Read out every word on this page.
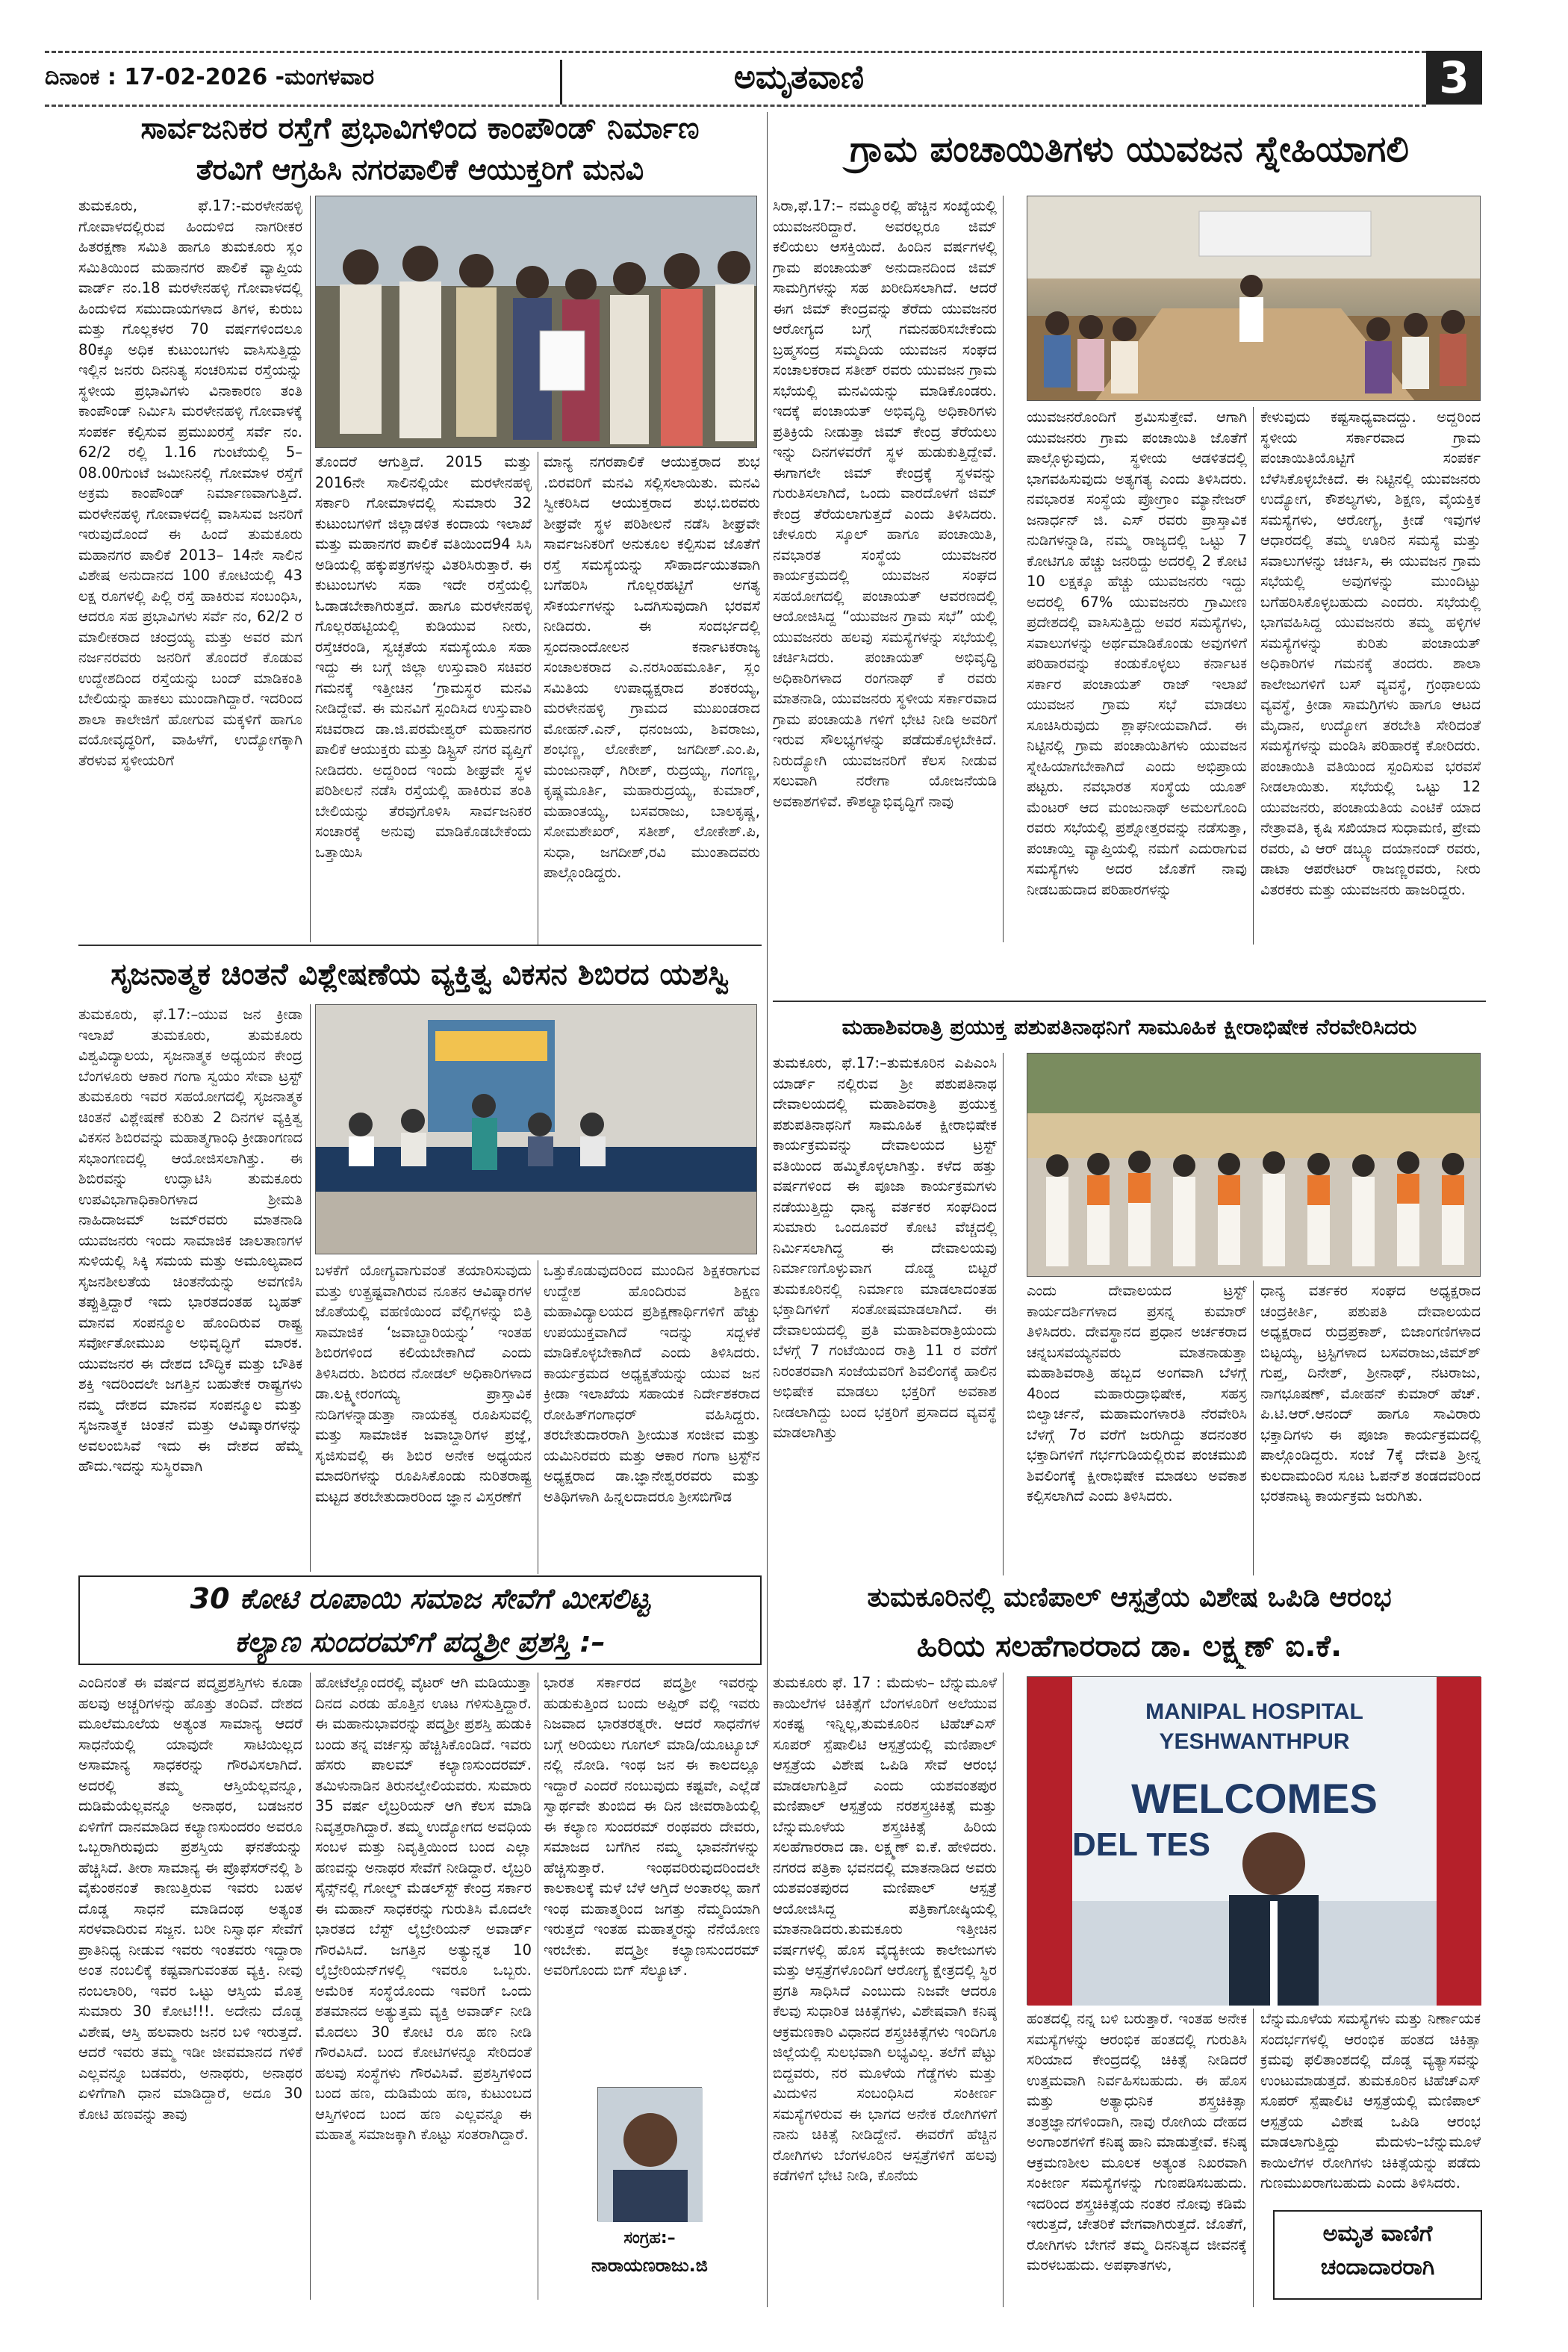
ದಿನಾಂಕ : 17-02-2026 -ಮಂಗಳವಾರ	ಅಮೃತವಾಣಿ	3
ಸಾರ್ವಜನಿಕರ ರಸ್ತೆಗೆ ಪ್ರಭಾವಿಗಳಿಂದ ಕಾಂಪೌಂಡ್ ನಿರ್ಮಾಣ
ತೆರವಿಗೆ ಆಗ್ರಹಿಸಿ ನಗರಪಾಲಿಕೆ ಆಯುಕ್ತರಿಗೆ ಮನವಿ

ತುಮಕೂರು, ಫೆ.17:-ಮರಳೇನಹಳ್ಳಿ ಗೋವಾಳದಲ್ಲಿರುವ ಹಿಂದುಳಿದ ನಾಗರೀಕರ ಹಿತರಕ್ಷಣಾ ಸಮಿತಿ ಹಾಗೂ ತುಮಕೂರು ಸ್ಲಂ ಸಮಿತಿಯಿಂದ ಮಹಾನಗರ ಪಾಲಿಕೆ ವ್ಯಾಪ್ತಿಯ ವಾರ್ಡ್ ನಂ.18 ಮರಳೇನಹಳ್ಳಿ ಗೋವಾಳದಲ್ಲಿ ಹಿಂದುಳಿದ ಸಮುದಾಯಗಳಾದ ತಿಗಳ, ಕುರುಬ ಮತ್ತು ಗೊಲ್ಲಕಳರ 70 ವರ್ಷಗಳಿಂದಲೂ 80ಕ್ಕೂ ಅಧಿಕ ಕುಟುಂಬಗಳು ವಾಸಿಸುತ್ತಿದ್ದು ಇಲ್ಲಿನ ಜನರು ದಿನನಿತ್ಯ ಸಂಚರಿಸುವ ರಸ್ತೆಯನ್ನು ಸ್ಥಳೀಯ ಪ್ರಭಾವಿಗಳು ವಿನಾಕಾರಣ ತಂತಿ ಕಾಂಪೌಂಡ್ ನಿರ್ಮಿಸಿ ಮರಳೇನಹಳ್ಳಿ ಗೋವಾಳಕ್ಕೆ ಸಂಪರ್ಕ ಕಲ್ಪಿಸುವ ಪ್ರಮುಖರಸ್ತೆ ಸರ್ವೆ ನಂ. 62/2 ರಲ್ಲಿ 1.16 ಗುಂಟೆಯಲ್ಲಿ 5–08.00ಗುಂಟೆ ಜಮೀನಿನಲ್ಲಿ ಗೋಮಾಳ ರಸ್ತೆಗೆ ಅಕ್ರಮ ಕಾಂಪೌಂಡ್ ನಿರ್ಮಾಣವಾಗುತ್ತಿದೆ. ಮರಳೇನಹಳ್ಳಿ ಗೋವಾಳದಲ್ಲಿ ವಾಸಿಸುವ ಜನರಿಗೆ ಇರುವುದೊಂದೆ ಈ ಹಿಂದೆ ತುಮಕೂರು ಮಹಾನಗರ ಪಾಲಿಕೆ 2013– 14ನೇ ಸಾಲಿನ ವಿಶೇಷ ಅನುದಾನದ 100 ಕೋಟಿಯಲ್ಲಿ 43 ಲಕ್ಷ ರೂಗಳಲ್ಲಿ ಪಿಲ್ಲಿ ರಸ್ತೆ ಹಾಕಿರುವ ಸಂಬಂಧಿಸಿ, ಆದರೂ ಸಹ ಪ್ರಭಾವಿಗಳು ಸರ್ವೆ ನಂ, 62/2 ರ ಮಾಲೀಕರಾದ ಚಂದ್ರಯ್ಯ ಮತ್ತು ಅವರ ಮಗ ನರ್ಜನರವರು ಜನರಿಗೆ ತೊಂದರೆ ಕೊಡುವ ಉದ್ದೇಶದಿಂದ ರಸ್ತೆಯನ್ನು ಬಂದ್ ಮಾಡಿಕಂತಿ ಬೇಲಿಯನ್ನು ಹಾಕಲು ಮುಂದಾಗಿದ್ದಾರೆ. ಇದರಿಂದ ಶಾಲಾ ಕಾಲೇಜಿಗೆ ಹೋಗುವ ಮಕ್ಕಳಿಗೆ ಹಾಗೂ ವಯೋವೃದ್ಧರಿಗೆ, ವಾಹಿಳೆಗೆ, ಉದ್ಯೋಗಕ್ಕಾಗಿ ತೆರಳುವ ಸ್ಥಳೀಯರಿಗೆ

ತೊಂದರೆ ಆಗುತ್ತಿದೆ. 2015 ಮತ್ತು 2016ನೇ ಸಾಲಿನಲ್ಲಿಯೇ ಮರಳೇನಹಳ್ಳಿ ಸರ್ಕಾರಿ ಗೋಮಾಳದಲ್ಲಿ ಸುಮಾರು 32 ಕುಟುಂಬಗಳಿಗೆ ಜಿಲ್ಲಾಡಳಿತ ಕಂದಾಯ ಇಲಾಖೆ ಮತ್ತು ಮಹಾನಗರ ಪಾಲಿಕೆ ವತಿಯಿಂದ94 ಸಿಸಿ ಅಡಿಯಲ್ಲಿ ಹಕ್ಕುಪತ್ರಗಳನ್ನು ವಿತರಿಸಿರುತ್ತಾರೆ. ಈ ಕುಟುಂಬಗಳು ಸಹಾ ಇದೇ ರಸ್ತೆಯಲ್ಲಿ ಓಡಾಡಬೇಕಾಗಿರುತ್ತದೆ. ಹಾಗೂ ಮರಳೇನಹಳ್ಳಿ ಗೊಲ್ಲರಹಟ್ಟಿಯಲ್ಲಿ ಕುಡಿಯುವ ನೀರು, ರಸ್ತೆಚರಂಡಿ, ಸ್ವಚ್ಛತೆಯ ಸಮಸ್ಯೆಯೂ ಸಹಾ ಇದ್ದು ಈ ಬಗ್ಗೆ ಜಿಲ್ಲಾ ಉಸ್ತುವಾರಿ ಸಚಿವರ ಗಮನಕ್ಕೆ ಇತ್ತೀಚಿನ ‘ಗ್ರಾಮಸ್ಥರ ಮನವಿ ನೀಡಿದ್ದೇವೆ. ಈ ಮನವಿಗೆ ಸ್ಪಂದಿಸಿದ ಉಸ್ತುವಾರಿ ಸಚಿವರಾದ ಡಾ.ಜಿ.ಪರಮೇಶ್ವರ್ ಮಹಾನಗರ ಪಾಲಿಕೆ ಆಯುಕ್ತರು ಮತ್ತು ಡಿಸ್ಟ್ರಿಸ್ ನಗರ ವ್ಯಪ್ತಿಗೆ ನೀಡಿದರು. ಅದ್ದರಿಂದ ಇಂದು ಶೀಘ್ರವೇ ಸ್ಥಳ ಪರಿಶೀಲನೆ ನಡೆಸಿ ರಸ್ತೆಯಲ್ಲಿ ಹಾಕಿರುವ ತಂತಿ ಬೇಲಿಯನ್ನು ತೆರವುಗೊಳಿಸಿ ಸಾರ್ವಜನಿಕರ ಸಂಚಾರಕ್ಕೆ ಅನುವು ಮಾಡಿಕೊಡಬೇಕೆಂದು ಒತ್ತಾಯಿಸಿ

ಮಾನ್ಯ ನಗರಪಾಲಿಕೆ ಆಯುಕ್ತರಾದ ಶುಭ .ಬಿರವರಿಗೆ ಮನವಿ ಸಲ್ಲಿಸಲಾಯಿತು. ಮನವಿ ಸ್ವೀಕರಿಸಿದ ಆಯುಕ್ತರಾದ ಶುಭ.ಬಿರವರು ಶೀಘ್ರವೇ ಸ್ಥಳ ಪರಿಶೀಲನೆ ನಡೆಸಿ ಶೀಘ್ರವೇ ಸಾರ್ವಜನಿಕರಿಗೆ ಅನುಕೂಲ ಕಲ್ಪಿಸುವ ಜೊತೆಗೆ ರಸ್ತೆ ಸಮಸ್ಯೆಯನ್ನು ಸೌಹಾರ್ದಯುತವಾಗಿ ಬಗೆಹರಿಸಿ ಗೊಲ್ಲರಹಟ್ಟಿಗೆ ಅಗತ್ಯ ಸೌಕರ್ಯಗಳನ್ನು ಒದಗಿಸುವುದಾಗಿ ಭರವಸೆ ನೀಡಿದರು. ಈ ಸಂದರ್ಭದಲ್ಲಿ ಸ್ಪಂದನಾಂದೋಲನ ಕರ್ನಾಟಕರಾಜ್ಯ ಸಂಚಾಲಕರಾದ ಎ.ನರಸಿಂಹಮೂರ್ತಿ, ಸ್ಲಂ ಸಮಿತಿಯ ಉಪಾಧ್ಯಕ್ಷರಾದ ಶಂಕರಯ್ಯ, ಮರಳೇನಹಳ್ಳಿ ಗ್ರಾಮದ ಮುಖಂಡರಾದ ಮೋಹನ್.ಎನ್, ಧನಂಜಯ, ಶಿವರಾಜು, ಶಂಭಣ್ಣ, ಲೋಕೇಶ್, ಜಗದೀಶ್.ಎಂ.ಪಿ, ಮಂಜುನಾಥ್, ಗಿರೀಶ್, ರುದ್ರಯ್ಯ, ಗಂಗಣ್ಣ, ಕೃಷ್ಣಮೂರ್ತಿ, ಮಹಾರುದ್ರಯ್ಯ, ಕುಮಾರ್, ಮಹಾಂತಯ್ಯ, ಬಸವರಾಜು, ಬಾಲಕೃಷ್ಣ, ಸೋಮಶೇಖರ್, ಸತೀಶ್, ಲೋಕೇಶ್.ಪಿ, ಸುಧಾ, ಜಗದೀಶ್,ರವಿ ಮುಂತಾದವರು ಪಾಲ್ಗೊಂಡಿದ್ದರು.

ಗ್ರಾಮ ಪಂಚಾಯಿತಿಗಳು ಯುವಜನ ಸ್ನೇಹಿಯಾಗಲಿ

ಸಿರಾ,ಫೆ.17:– ನಮ್ಮೂರಲ್ಲಿ ಹೆಚ್ಚಿನ ಸಂಖ್ಯೆಯಲ್ಲಿ ಯುವಜನರಿದ್ದಾರೆ. ಅವರಲ್ಲರೂ ಜಿಮ್ ಕಲಿಯಲು ಆಸಕ್ತಿಯಿದೆ. ಹಿಂದಿನ ವರ್ಷಗಳಲ್ಲಿ ಗ್ರಾಮ ಪಂಚಾಯತ್ ಅನುದಾನದಿಂದ ಜಿಮ್ ಸಾಮಗ್ರಿಗಳನ್ನು ಸಹ ಖರೀದಿಸಲಾಗಿದೆ. ಆದರೆ ಈಗ ಜಿಮ್ ಕೇಂದ್ರವನ್ನು ತೆರೆದು ಯುವಜನರ ಆರೋಗ್ಯದ ಬಗ್ಗೆ ಗಮನಹರಿಸಬೇಕೆಂದು ಬ್ರಹ್ಮಸಂದ್ರ ಸಮ್ಮದಿಯ ಯುವಜನ ಸಂಘದ ಸಂಚಾಲಕರಾದ ಸತೀಶ್ ರವರು ಯುವಜನ ಗ್ರಾಮ ಸಭೆಯಲ್ಲಿ ಮನವಿಯನ್ನು ಮಾಡಿಕೊಂಡರು. ಇದಕ್ಕೆ ಪಂಚಾಯತ್ ಅಭಿವೃದ್ಧಿ ಅಧಿಕಾರಿಗಳು ಪ್ರತಿಕ್ರಿಯೆ ನೀಡುತ್ತಾ ಜಿಮ್ ಕೇಂದ್ರ ತೆರೆಯಲು ಇನ್ನು ದಿನಗಳವರೆಗೆ ಸ್ಥಳ ಹುಡುಕುತ್ತಿದ್ದೇವೆ. ಈಗಾಗಲೇ ಜಿಮ್ ಕೇಂದ್ರಕ್ಕೆ ಸ್ಥಳವನ್ನು ಗುರುತಿಸಲಾಗಿದೆ, ಒಂದು ವಾರದೊಳಗೆ ಜಿಮ್ ಕೇಂದ್ರ ತೆರೆಯಲಾಗುತ್ತದೆ ಎಂದು ತಿಳಿಸಿದರು. ಚೇಳೂರು ಸ್ಕೂಲ್ ಹಾಗೂ ಪಂಚಾಯಿತಿ, ನವಭಾರತ ಸಂಸ್ಥೆಯ ಯುವಜನರ ಕಾರ್ಯಕ್ರಮದಲ್ಲಿ ಯುವಜನ ಸಂಘದ ಸಹಯೋಗದಲ್ಲಿ ಪಂಚಾಯತ್ ಆವರಣದಲ್ಲಿ ಆಯೋಜಿಸಿದ್ದ “ಯುವಜನ ಗ್ರಾಮ ಸಭೆ” ಯಲ್ಲಿ ಯುವಜನರು ಹಲವು ಸಮಸ್ಯೆಗಳನ್ನು ಸಭೆಯಲ್ಲಿ ಚರ್ಚಿಸಿದರು. ಪಂಚಾಯತ್ ಅಭಿವೃದ್ಧಿ ಅಧಿಕಾರಿಗಳಾದ ರಂಗನಾಥ್ ಕೆ ರವರು ಮಾತನಾಡಿ, ಯುವಜನರು ಸ್ಥಳೀಯ ಸರ್ಕಾರವಾದ ಗ್ರಾಮ ಪಂಚಾಯತಿ ಗಳಿಗೆ ಭೇಟಿ ನೀಡಿ ಅವರಿಗೆ ಇರುವ ಸೌಲಭ್ಯಗಳನ್ನು ಪಡೆದುಕೊಳ್ಳಬೇಕಿದೆ. ನಿರುದ್ಯೋಗಿ ಯುವಜನರಿಗೆ ಕೆಲಸ ನೀಡುವ ಸಲುವಾಗಿ ನರೇಗಾ ಯೋಜನೆಯಡಿ ಅವಕಾಶಗಳಿವೆ. ಕೌಶಲ್ಯಾಭಿವೃದ್ಧಿಗೆ ನಾವು

ಯುವಜನರೊಂದಿಗೆ ಶ್ರಮಿಸುತ್ತೇವೆ. ಆಗಾಗಿ ಯುವಜನರು ಗ್ರಾಮ ಪಂಚಾಯಿತಿ ಜೊತೆಗೆ ಪಾಲ್ಗೊಳ್ಳುವುದು, ಸ್ಥಳೀಯ ಆಡಳಿತದಲ್ಲಿ ಭಾಗವಹಿಸುವುದು ಅತ್ಯಗತ್ಯ ಎಂದು ತಿಳಿಸಿದರು. ನವಭಾರತ ಸಂಸ್ಥೆಯ ಪ್ರೋಗ್ರಾಂ ಮ್ಯಾನೇಜರ್ ಜನಾರ್ಧನ್ ಜಿ. ಎಸ್ ರವರು ಪ್ರಾಸ್ತಾವಿಕ ನುಡಿಗಳನ್ನಾಡಿ, ನಮ್ಮ ರಾಜ್ಯದಲ್ಲಿ ಒಟ್ಟು 7 ಕೋಟಿಗೂ ಹೆಚ್ಚು ಜನರಿದ್ದು ಅದರಲ್ಲಿ 2 ಕೋಟಿ 10 ಲಕ್ಷಕ್ಕೂ ಹೆಚ್ಚು ಯುವಜನರು ಇದ್ದು ಅದರಲ್ಲಿ 67% ಯುವಜನರು ಗ್ರಾಮೀಣ ಪ್ರದೇಶದಲ್ಲಿ ವಾಸಿಸುತ್ತಿದ್ದು ಅವರ ಸಮಸ್ಯೆಗಳು, ಸವಾಲುಗಳನ್ನು ಅರ್ಥಮಾಡಿಕೊಂಡು ಅವುಗಳಿಗೆ ಪರಿಹಾರವನ್ನು ಕಂಡುಕೊಳ್ಳಲು ಕರ್ನಾಟಕ ಸರ್ಕಾರ ಪಂಚಾಯತ್ ರಾಜ್ ಇಲಾಖೆ ಯುವಜನ ಗ್ರಾಮ ಸಭೆ ಮಾಡಲು ಸೂಚಿಸಿರುವುದು ಶ್ಲಾಘನೀಯವಾಗಿದೆ. ಈ ನಿಟ್ಟಿನಲ್ಲಿ ಗ್ರಾಮ ಪಂಚಾಯಿತಿಗಳು ಯುವಜನ ಸ್ನೇಹಿಯಾಗಬೇಕಾಗಿದೆ ಎಂದು ಅಭಿಪ್ರಾಯ ಪಟ್ಟರು. ನವಭಾರತ ಸಂಸ್ಥೆಯ ಯೂತ್ ಮೆಂಟರ್ ಆದ ಮಂಜುನಾಥ್ ಅಮಲಗೊಂದಿ ರವರು ಸಭೆಯಲ್ಲಿ ಪ್ರಶ್ನೋತ್ತರವನ್ನು ನಡೆಸುತ್ತಾ, ಪಂಚಾಯ್ತಿ ವ್ಯಾಪ್ತಿಯಲ್ಲಿ ನಮಗೆ ಎದುರಾಗುವ ಸಮಸ್ಯೆಗಳು ಅದರ ಜೊತೆಗೆ ನಾವು ನೀಡಬಹುದಾದ ಪರಿಹಾರಗಳನ್ನು

ಕೇಳುವುದು ಕಷ್ಟಸಾಧ್ಯವಾದದ್ದು. ಅದ್ದರಿಂದ ಸ್ಥಳೀಯ ಸರ್ಕಾರವಾದ ಗ್ರಾಮ ಪಂಚಾಯಿತಿಯೊಟ್ಟಿಗೆ ಸಂಪರ್ಕ ಬೆಳೆಸಿಕೊಳ್ಳಬೇಕಿದೆ. ಈ ನಿಟ್ಟಿನಲ್ಲಿ ಯುವಜನರು ಉದ್ಯೋಗ, ಕೌಶಲ್ಯಗಳು, ಶಿಕ್ಷಣ, ವೈಯಕ್ತಿಕ ಸಮಸ್ಯೆಗಳು, ಆರೋಗ್ಯ, ಕ್ರೀಡೆ ಇವುಗಳ ಆಧಾರದಲ್ಲಿ ತಮ್ಮ ಊರಿನ ಸಮಸ್ಯೆ ಮತ್ತು ಸವಾಲುಗಳನ್ನು ಚರ್ಚಿಸಿ, ಈ ಯುವಜನ ಗ್ರಾಮ ಸಭೆಯಲ್ಲಿ ಅವುಗಳನ್ನು ಮುಂದಿಟ್ಟು ಬಗೆಹರಿಸಿಕೊಳ್ಳಬಹುದು ಎಂದರು. ಸಭೆಯಲ್ಲಿ ಭಾಗವಹಿಸಿದ್ದ ಯುವಜನರು ತಮ್ಮ ಹಳ್ಳಿಗಳ ಸಮಸ್ಯೆಗಳನ್ನು ಕುರಿತು ಪಂಚಾಯತ್ ಅಧಿಕಾರಿಗಳ ಗಮನಕ್ಕೆ ತಂದರು. ಶಾಲಾ ಕಾಲೇಜುಗಳಿಗೆ ಬಸ್ ವ್ಯವಸ್ಥೆ, ಗ್ರಂಥಾಲಯ ವ್ಯವಸ್ಥೆ, ಕ್ರೀಡಾ ಸಾಮಗ್ರಿಗಳು ಹಾಗೂ ಆಟದ ಮೈದಾನ, ಉದ್ಯೋಗ ತರಬೇತಿ ಸೇರಿದಂತೆ ಸಮಸ್ಯೆಗಳನ್ನು ಮಂಡಿಸಿ ಪರಿಹಾರಕ್ಕೆ ಕೋರಿದರು. ಪಂಚಾಯಿತಿ ವತಿಯಿಂದ ಸ್ಪಂದಿಸುವ ಭರವಸೆ ನೀಡಲಾಯಿತು. ಸಭೆಯಲ್ಲಿ ಒಟ್ಟು 12 ಯುವಜನರು, ಪಂಚಾಯತಿಯ ಎಂಟಿಕೆ ಯಾದ ನೇತ್ರಾವತಿ, ಕೃಷಿ ಸಖಿಯಾದ ಸುಧಾಮಣಿ, ಪ್ರೇಮ ರವರು, ವಿ ಆರ್ ಡಬ್ಲ್ಯೂ ದಯಾನಂದ್ ರವರು, ಡಾಟಾ ಆಪರೇಟರ್ ರಾಜಣ್ಣರವರು, ನೀರು ವಿತರಕರು ಮತ್ತು ಯುವಜನರು ಹಾಜರಿದ್ದರು.

ಸೃಜನಾತ್ಮಕ ಚಿಂತನೆ ವಿಶ್ಲೇಷಣೆಯ ವ್ಯಕ್ತಿತ್ವ ವಿಕಸನ ಶಿಬಿರದ ಯಶಸ್ವಿ

ತುಮಕೂರು, ಫೆ.17:–ಯುವ ಜನ ಕ್ರೀಡಾ ಇಲಾಖೆ ತುಮಕೂರು, ತುಮಕೂರು ವಿಶ್ವವಿದ್ಯಾಲಯ, ಸೃಜನಾತ್ಮಕ ಅಧ್ಯಯನ ಕೇಂದ್ರ ಬೆಂಗಳೂರು ಆಕಾರ ಗಂಗಾ ಸ್ವಯಂ ಸೇವಾ ಟ್ರಸ್ಟ್ ತುಮಕೂರು ಇವರ ಸಹಯೋಗದಲ್ಲಿ ಸೃಜನಾತ್ಮಕ ಚಿಂತನೆ ವಿಶ್ಲೇಷಣೆ ಕುರಿತು 2 ದಿನಗಳ ವ್ಯಕ್ತಿತ್ವ ವಿಕಸನ ಶಿಬಿರವನ್ನು ಮಹಾತ್ಮಗಾಂಧಿ ಕ್ರೀಡಾಂಗಣದ ಸಭಾಂಗಣದಲ್ಲಿ ಆಯೋಜಿಸಲಾಗಿತ್ತು. ಈ ಶಿಬಿರವನ್ನು ಉದ್ಘಾಟಿಸಿ ತುಮಕೂರು ಉಪವಿಭಾಗಾಧಿಕಾರಿಗಳಾದ ಶ್ರೀಮತಿ ನಾಹಿದಾಜಮ್ ಜಮ್‌ರವರು ಮಾತನಾಡಿ ಯುವಜನರು ಇಂದು ಸಾಮಾಜಿಕ ಜಾಲತಾಣಗಳ ಸುಳಿಯಲ್ಲಿ ಸಿಕ್ಕಿ ಸಮಯ ಮತ್ತು ಅಮೂಲ್ಯವಾದ ಸೃಜನಶೀಲತೆಯ ಚಿಂತನೆಯನ್ನು ಅವಗಣಿಸಿ ತಪ್ಪುತ್ತಿದ್ದಾರೆ ಇದು ಭಾರತದಂತಹ ಬೃಹತ್ ಮಾನವ ಸಂಪನ್ಮೂಲ ಹೊಂದಿರುವ ರಾಷ್ಟ್ರ ಸರ್ವೋತೋಮುಖ ಅಭಿವೃದ್ಧಿಗೆ ಮಾರಕ. ಯುವಜನರ ಈ ದೇಶದ ಬೌದ್ಧಿಕ ಮತ್ತು ಬೌತಿಕ ಶಕ್ತಿ ಇದರಿಂದಲೇ ಜಗತ್ತಿನ ಬಹುತೇಕ ರಾಷ್ಟ್ರಗಳು ನಮ್ಮ ದೇಶದ ಮಾನವ ಸಂಪನ್ಮೂಲ ಮತ್ತು ಸೃಜನಾತ್ಮಕ ಚಿಂತನೆ ಮತ್ತು ಆವಿಷ್ಕಾರಗಳನ್ನು ಅವಲಂಬಿಸಿವೆ ಇದು ಈ ದೇಶದ ಹೆಮ್ಮೆ ಹೌದು.ಇದನ್ನು ಸುಸ್ಥಿರವಾಗಿ

ಬಳಕೆಗೆ ಯೋಗ್ಯವಾಗುವಂತೆ ತಯಾರಿಸುವುದು ಮತ್ತು ಉತ್ಪ್ರಷ್ಟವಾಗಿರುವ ನೂತನ ಆವಿಷ್ಕಾರಗಳ ಜೊತೆಯಲ್ಲಿ ವಹಣಿಯಿಂದ ವೆಲ್ಲಿಗಳನ್ನು ಬಿತ್ರಿ ಸಾಮಾಜಿಕ ‘ಜವಾಬ್ದಾರಿಯನ್ನು’ ಇಂತಹ ಶಿಬಿರಗಳಿಂದ ಕಲಿಯಬೇಕಾಗಿದೆ ಎಂದು ತಿಳಿಸಿದರು. ಶಿಬಿರದ ನೋಡಲ್ ಅಧಿಕಾರಿಗಳಾದ ಡಾ.ಲಕ್ಷ್ಮೀರಂಗಯ್ಯ ಪ್ರಾಸ್ತಾವಿಕ ನುಡಿಗಳನ್ನಾಡುತ್ತಾ ನಾಯಕತ್ವ ರೂಪಿಸುವಲ್ಲಿ ಮತ್ತು ಸಾಮಾಜಿಕ ಜವಾಬ್ದಾರಿಗಳ ಪ್ರಜ್ಞೆ, ಸೃಜಿಸುವಲ್ಲಿ ಈ ಶಿಬಿರ ಅನೇಕ ಅಧ್ಯಯನ ಮಾದರಿಗಳನ್ನು ರೂಪಿಸಿಕೊಂಡು ನುರಿತರಾಷ್ಟ್ರ ಮಟ್ಟದ ತರಬೇತುದಾರರಿಂದ ಜ್ಞಾನ ವಿಸ್ತರಣೆಗೆ

ಒತ್ತುಕೊಡುವುದರಿಂದ ಮುಂದಿನ ಶಿಕ್ಷಕರಾಗುವ ಉದ್ದೇಶ ಹೊಂದಿರುವ ಶಿಕ್ಷಣ ಮಹಾವಿದ್ಯಾಲಯದ ಪ್ರಶಿಕ್ಷಣಾರ್ಥಿಗಳಿಗೆ ಹೆಚ್ಚು ಉಪಯುಕ್ತವಾಗಿದೆ ಇದನ್ನು ಸದ್ಬಳಕೆ ಮಾಡಿಕೊಳ್ಳಬೇಕಾಗಿದೆ ಎಂದು ತಿಳಿಸಿದರು. ಕಾರ್ಯಕ್ರಮದ ಅಧ್ಯಕ್ಷತೆಯನ್ನು ಯುವ ಜನ ಕ್ರೀಡಾ ಇಲಾಖೆಯ ಸಹಾಯಕ ನಿರ್ದೇಶಕರಾದ ರೋಹಿತ್‌ಗಂಗಾಧರ್ ವಹಿಸಿದ್ದರು. ತರಬೇತುದಾರರಾಗಿ ಶ್ರೀಯುತ ಸಂಜೀವ ಮತ್ತು ಯಮಿನಿರವರು ಮತ್ತು ಆಕಾರ ಗಂಗಾ ಟ್ರಸ್ಟ್‌ನ ಅಧ್ಯಕ್ಷರಾದ ಡಾ.ಜ್ಞಾನೇಶ್ವರರವರು ಮತ್ತು ಅತಿಥಿಗಳಾಗಿ ಹಿನ್ನಲದಾದರೂ ಶ್ರೀಸಬಿಗೌಡ

ಮಹಾಶಿವರಾತ್ರಿ ಪ್ರಯುಕ್ತ ಪಶುಪತಿನಾಥನಿಗೆ ಸಾಮೂಹಿಕ ಕ್ಷೀರಾಭಿಷೇಕ ನೆರವೇರಿಸಿದರು

ತುಮಕೂರು, ಫೆ.17:–ತುಮಕೂರಿನ ಎಪಿಎಂಸಿ ಯಾರ್ಡ್ ನಲ್ಲಿರುವ ಶ್ರೀ ಪಶುಪತಿನಾಥ ದೇವಾಲಯದಲ್ಲಿ ಮಹಾಶಿವರಾತ್ರಿ ಪ್ರಯುಕ್ತ ಪಶುಪತಿನಾಥನಿಗೆ ಸಾಮೂಹಿಕ ಕ್ಷೀರಾಭಿಷೇಕ ಕಾರ್ಯಕ್ರಮವನ್ನು ದೇವಾಲಯದ ಟ್ರಸ್ಟ್ ವತಿಯಿಂದ ಹಮ್ಮಿಕೊಳ್ಳಲಾಗಿತ್ತು. ಕಳೆದ ಹತ್ತು ವರ್ಷಗಳಿಂದ ಈ ಪೂಜಾ ಕಾರ್ಯಕ್ರಮಗಳು ನಡೆಯುತ್ತಿದ್ದು ಧಾನ್ಯ ವರ್ತಕರ ಸಂಘದಿಂದ ಸುಮಾರು ಒಂದೂವರೆ ಕೋಟಿ ವೆಚ್ಚದಲ್ಲಿ ನಿರ್ಮಿಸಲಾಗಿದ್ದ ಈ ದೇವಾಲಯವು ನಿರ್ಮಾಣಗೊಳ್ಳುವಾಗ ದೊಡ್ಡ ಬಿಟ್ಟರೆ ತುಮಕೂರಿನಲ್ಲಿ ನಿರ್ಮಾಣ ಮಾಡಲಾದಂತಹ ಭಕ್ತಾದಿಗಳಿಗೆ ಸಂತೋಷಮಾಡಲಾಗಿದೆ. ಈ ದೇವಾಲಯದಲ್ಲಿ ಪ್ರತಿ ಮಹಾಶಿವರಾತ್ರಿಯಂದು ಬೆಳಗ್ಗೆ 7 ಗಂಟೆಯಿಂದ ರಾತ್ರಿ 11 ರ ವರೆಗೆ ನಿರಂತರವಾಗಿ ಸಂಜೆಯವರಿಗೆ ಶಿವಲಿಂಗಕ್ಕೆ ಹಾಲಿನ ಅಭಿಷೇಕ ಮಾಡಲು ಭಕ್ತರಿಗೆ ಅವಕಾಶ ನೀಡಲಾಗಿದ್ದು ಬಂದ ಭಕ್ತರಿಗೆ ಪ್ರಸಾದದ ವ್ಯವಸ್ಥೆ ಮಾಡಲಾಗಿತ್ತು

ಎಂದು ದೇವಾಲಯದ ಟ್ರಸ್ಟ್ ಕಾರ್ಯದರ್ಶಿಗಳಾದ ಪ್ರಸನ್ನ ಕುಮಾರ್ ತಿಳಿಸಿದರು. ದೇವಸ್ಥಾನದ ಪ್ರಧಾನ ಅರ್ಚಕರಾದ ಚನ್ನಬಸವಯ್ಯನವರು ಮಾತನಾಡುತ್ತಾ ಮಹಾಶಿವರಾತ್ರಿ ಹಬ್ಬದ ಅಂಗವಾಗಿ ಬೆಳಗ್ಗೆ 4ರಿಂದ ಮಹಾರುದ್ರಾಭಿಷೇಕ, ಸಹಸ್ರ ಬಿಲ್ವಾರ್ಚನೆ, ಮಹಾಮಂಗಳಾರತಿ ನೆರವೇರಿಸಿ ಬೆಳಗ್ಗೆ 7ರ ವರೆಗೆ ಜರುಗಿದ್ದು ತದನಂತರ ಭಕ್ತಾದಿಗಳಿಗೆ ಗರ್ಭಗುಡಿಯಲ್ಲಿರುವ ಪಂಚಮುಖಿ ಶಿವಲಿಂಗಕ್ಕೆ ಕ್ಷೀರಾಭಿಷೇಕ ಮಾಡಲು ಅವಕಾಶ ಕಲ್ಪಿಸಲಾಗಿದೆ ಎಂದು ತಿಳಿಸಿದರು.

ಧಾನ್ಯ ವರ್ತಕರ ಸಂಘದ ಅಧ್ಯಕ್ಷರಾದ ಚಂದ್ರಕೀರ್ತಿ, ಪಶುಪತಿ ದೇವಾಲಯದ ಅಧ್ಯಕ್ಷರಾದ ರುದ್ರಪ್ರಕಾಶ್, ಬಿಜಾಂಗಣಿಗಳಾದ ಬಿಟ್ಟಯ್ಯ, ಟ್ರಸ್ಟಿಗಳಾದ ಬಸವರಾಜು,ಜಿಮ್‌ಶ್ ಗುಪ್ತ, ದಿನೇಶ್, ಶ್ರೀನಾಥ್, ನಟರಾಜು, ನಾಗಭೂಷಣ್, ಮೋಹನ್ ಕುಮಾರ್ ಹೆಚ್. ಪಿ.ಟಿ.ಆರ್.ಆನಂದ್ ಹಾಗೂ ಸಾವಿರಾರು ಭಕ್ತಾದಿಗಳು ಈ ಪೂಜಾ ಕಾರ್ಯಕ್ರಮದಲ್ಲಿ ಪಾಲ್ಗೊಂಡಿದ್ದರು. ಸಂಜೆ 7ಕ್ಕೆ ದೇವತಿ ಶ್ರೀನ್ನ ಕುಲದಾಮಂದಿರ ಸೂಟ ಓಪನ್‌ಶ ತಂಡದವರಿಂದ ಭರತನಾಟ್ಯ ಕಾರ್ಯಕ್ರಮ ಜರುಗಿತು.

30 ಕೋಟಿ ರೂಪಾಯಿ ಸಮಾಜ ಸೇವೆಗೆ ಮೀಸಲಿಟ್ಟ
ಕಲ್ಯಾಣ ಸುಂದರಮ್‌ಗೆ ಪದ್ಮಶ್ರೀ ಪ್ರಶಸ್ತಿ :–

ಎಂದಿನಂತೆ ಈ ವರ್ಷದ ಪದ್ಮಪ್ರಶಸ್ತಿಗಳು ಕೂಡಾ ಹಲವು ಅಚ್ಚರಿಗಳನ್ನು ಹೊತ್ತು ತಂದಿವೆ. ದೇಶದ ಮೂಲೆಮೂಲೆಯ ಅತ್ಯಂತ ಸಾಮಾನ್ಯ ಆದರೆ ಸಾಧನೆಯಲ್ಲಿ ಯಾವುದೇ ಸಾಟಿಯಿಲ್ಲದ ಅಸಾಮಾನ್ಯ ಸಾಧಕರನ್ನು ಗೌರವಿಸಲಾಗಿದೆ. ಅದರಲ್ಲಿ ತಮ್ಮ ಆಸ್ತಿಯೆಲ್ಲವನ್ನೂ, ದುಡಿಮೆಯೆಲ್ಲವನ್ನೂ ಅನಾಥರ, ಬಡಜನರ ಏಳಿಗೆಗೆ ದಾನಮಾಡಿದ ಕಲ್ಯಾಣಸುಂದರಂ ಅವರೂ ಒಬ್ಬರಾಗಿರುವುದು ಪ್ರಶಸ್ತಿಯ ಘನತೆಯನ್ನು ಹೆಚ್ಚಿಸಿದೆ. ತೀರಾ ಸಾಮಾನ್ಯ ಈ ಪ್ರೊಫೆಸರ್‌ನಲ್ಲಿ ಶಿ ವೈಕುಂಠನಂತೆ ಕಾಣುತ್ತಿರುವ ಇವರು ಬಹಳ ದೊಡ್ಡ ಸಾಧನೆ ಮಾಡಿದಂಥ ಅತ್ಯಂತ ಸರಳವಾದಿರುವ ಸಜ್ಜನ. ಬರೀ ನಿಸ್ವಾರ್ಥ ಸೇವೆಗೆ ಪ್ರಾತಿನಿಧ್ಯ ನೀಡುವ ಇವರು ಇಂತವರು ಇದ್ದಾರಾ ಅಂತ ನಂಬಲಿಕ್ಕೆ ಕಷ್ಟವಾಗುವಂತಹ ವ್ಯಕ್ತಿ. ನೀವು ನಂಬಲಾರಿರಿ, ಇವರ ಒಟ್ಟು ಆಸ್ತಿಯ ಮೊತ್ತ ಸುಮಾರು 30 ಕೋಟಿ!!!. ಅದೇನು ದೊಡ್ಡ ವಿಶೇಷ, ಆಸ್ತಿ ಹಲವಾರು ಜನರ ಬಳಿ ಇರುತ್ತದೆ. ಆದರೆ ಇವರು ತಮ್ಮ ಇಡೀ ಜೀವಮಾನದ ಗಳಿಕೆ ಎಲ್ಲವನ್ನೂ ಬಡವರು, ಅನಾಥರು, ಅನಾಥರ ಏಳಿಗೆಗಾಗಿ ಧಾನ ಮಾಡಿದ್ದಾರೆ, ಅದೂ 30 ಕೋಟಿ ಹಣವನ್ನು ತಾವು

ಹೋಟೆಲ್ಲೊಂದರಲ್ಲಿ ವೈಟರ್ ಆಗಿ ಮಡಿಯುತ್ತಾ ದಿನದ ಎರಡು ಹೊತ್ತಿನ ಊಟ ಗಳಿಸುತ್ತಿದ್ದಾರೆ. ಈ ಮಹಾನುಭಾವರನ್ನು ಪದ್ಮಶ್ರೀ ಪ್ರಶಸ್ತಿ ಹುಡುಕಿ ಬಂದು ತನ್ನ ವರ್ಚಸ್ಸು ಹೆಚ್ಚಿಸಿಕೊಂಡಿದೆ. ಇವರು ಹೆಸರು ಪಾಲಮ್ ಕಲ್ಯಾಣಸುಂದರಮ್. ತಮಿಳುನಾಡಿನ ತಿರುನಲ್ವೇಲಿಯವರು. ಸುಮಾರು 35 ವರ್ಷ ಲೈಬ್ರರಿಯನ್ ಆಗಿ ಕೆಲಸ ಮಾಡಿ ನಿವೃತ್ತರಾಗಿದ್ದಾರೆ. ತಮ್ಮ ಉದ್ಯೋಗದ ಅವಧಿಯ ಸಂಬಳ ಮತ್ತು ನಿವೃತ್ತಿಯಿಂದ ಬಂದ ಎಲ್ಲಾ ಹಣವನ್ನು ಅನಾಥರ ಸೇವೆಗೆ ನೀಡಿದ್ದಾರೆ. ಲೈಬ್ರರಿ ಸೈನ್ಸ್‌ನಲ್ಲಿ ಗೋಲ್ಡ್ ಮೆಡಲ್‌ಸ್ಟ್ ಕೇಂದ್ರ ಸರ್ಕಾರ ಈ ಮಹಾನ್ ಸಾಧಕರನ್ನು ಗುರುತಿಸಿ ಮೊದಲೇ ಭಾರತದ ಬೆಸ್ಟ್ ಲೈಬ್ರೇರಿಯನ್ ಅವಾರ್ಡ್ ಗೌರವಿಸಿದೆ. ಜಗತ್ತಿನ ಅತ್ಯುನ್ನತ 10 ಲೈಬ್ರೇರಿಯನ್‌ಗಳಲ್ಲಿ ಇವರೂ ಒಬ್ಬರು. ಅಮೆರಿಕ ಸಂಸ್ಥೆಯೊಂದು ಇವರಿಗೆ ಒಂದು ಶತಮಾನದ ಅತ್ಯುತ್ತಮ ವ್ಯಕ್ತಿ ಅವಾರ್ಡ್ ನೀಡಿ ಮೊದಲು 30 ಕೋಟಿ ರೂ ಹಣ ನೀಡಿ ಗೌರವಿಸಿದೆ. ಬಂದ ಕೋಟಿಗಳನ್ನೂ ಸೇರಿದಂತೆ ಹಲವು ಸಂಸ್ಥೆಗಳು ಗೌರವಿಸಿವೆ. ಪ್ರಶಸ್ತಿಗಳಿಂದ ಬಂದ ಹಣ, ದುಡಿಮೆಯ ಹಣ, ಕುಟುಂಬದ ಆಸ್ತಿಗಳಿಂದ ಬಂದ ಹಣ ಎಲ್ಲವನ್ನೂ ಈ ಮಹಾತ್ಮ ಸಮಾಜಕ್ಕಾಗಿ ಕೊಟ್ಟು ಸಂತರಾಗಿದ್ದಾರೆ.

ಭಾರತ ಸರ್ಕಾರದ ಪದ್ಮಶ್ರೀ ಇವರನ್ನು ಹುಡುಕುತ್ತಿಂದ ಬಂದು ಅಪ್ಪಿರ್ ವಲ್ಲಿ ಇವರು ನಿಜವಾದ ಭಾರತರತ್ನರೇ. ಆದರೆ ಸಾಧನೆಗಳ ಬಗ್ಗೆ ಅರಿಯಲು ಗೂಗಲ್ ಮಾಡಿ/ಯೂಟ್ಯೂಬ್ ನಲ್ಲಿ ನೋಡಿ. ಇಂಥ ಜನ ಈ ಕಾಲದಲ್ಲೂ ಇದ್ದಾರೆ ಎಂದರೆ ನಂಬುವುದು ಕಷ್ಟವೇ, ಎಲ್ಲೆಡೆ ಸ್ವಾರ್ಥವೇ ತುಂಬಿದ ಈ ದಿನ ಜೀವರಾಶಿಯಲ್ಲಿ ಈ ಕಲ್ಯಾಣ ಸುಂದರಮ್ ರಂಥವರು ದೇವರು, ಸಮಾಜದ ಬಗೆಗಿನ ನಮ್ಮ ಭಾವನೆಗಳನ್ನು ಹೆಚ್ಚಿಸುತ್ತಾರೆ. ಇಂಥವರಿರುವುದರಿಂದಲೇ ಕಾಲಕಾಲಕ್ಕೆ ಮಳೆ ಬೆಳೆ ಆಗ್ತಿದೆ ಅಂತಾರಲ್ಲ ಹಾಗೆ ಇಂಥ ಮಹಾತ್ಮರಿಂದ ಜಗತ್ತು ನೆಮ್ಮದಿಯಾಗಿ ಇರುತ್ತದೆ ಇಂತಹ ಮಹಾತ್ಮರನ್ನು ನೆನೆಯೋಣ ಇರಬೇಕು. ಪದ್ಮಶ್ರೀ ಕಲ್ಯಾಣಸುಂದರಮ್ ಅವರಿಗೊಂದು ಬಿಗ್ ಸೆಲ್ಯೂಟ್.

ಸಂಗ್ರಹ:–
ನಾರಾಯಣರಾಜು.ಜಿ
ತುಮಕೂರಿನಲ್ಲಿ ಮಣಿಪಾಲ್ ಆಸ್ಪತ್ರೆಯ ವಿಶೇಷ ಒಪಿಡಿ ಆರಂಭ
ಹಿರಿಯ ಸಲಹೆಗಾರರಾದ ಡಾ. ಲಕ್ಷ್ಮಣ್ ಐ.ಕೆ.

ತುಮಕೂರು ಫೆ. 17 : ಮೆದುಳು– ಬೆನ್ನುಮೂಳೆ ಕಾಯಿಲೆಗಳ ಚಿಕಿತ್ಸೆಗೆ ಬೆಂಗಳೂರಿಗೆ ಅಲೆಯುವ ಸಂಕಷ್ಟ ಇನ್ನಿಲ್ಲ,ತುಮಕೂರಿನ ಟಿಹೆಚ್‌ಎಸ್ ಸೂಪರ್ ಸ್ಪೆಷಾಲಿಟಿ ಆಸ್ಪತ್ರೆಯಲ್ಲಿ ಮಣಿಪಾಲ್ ಆಸ್ಪತ್ರೆಯ ವಿಶೇಷ ಒಪಿಡಿ ಸೇವೆ ಆರಂಭ ಮಾಡಲಾಗುತ್ತಿದೆ ಎಂದು ಯಶವಂತಪುರ ಮಣಿಪಾಲ್ ಆಸ್ಪತ್ರೆಯ ನರಶಸ್ತ್ರಚಿಕಿತ್ಸೆ ಮತ್ತು ಬೆನ್ನುಮೂಳೆಯ ಶಸ್ತ್ರಚಿಕಿತ್ಸೆ ಹಿರಿಯ ಸಲಹೆಗಾರರಾದ ಡಾ. ಲಕ್ಷ್ಮಣ್ ಐ.ಕೆ. ಹೇಳಿದರು. ನಗರದ ಪತ್ರಿಕಾ ಭವನದಲ್ಲಿ ಮಾತನಾಡಿದ ಅವರು ಯಶವಂತಪುರದ ಮಣಿಪಾಲ್ ಆಸ್ಪತ್ರೆ ಆಯೋಜಿಸಿದ್ದ ಪತ್ರಿಕಾಗೋಷ್ಠಿಯಲ್ಲಿ ಮಾತನಾಡಿದರು.ತುಮಕೂರು ಇತ್ತೀಚಿನ ವರ್ಷಗಳಲ್ಲಿ ಹೊಸ ವೈದ್ಯಕೀಯ ಕಾಲೇಜುಗಳು ಮತ್ತು ಆಸ್ಪತ್ರೆಗಳೊಂದಿಗೆ ಆರೋಗ್ಯ ಕ್ಷೇತ್ರದಲ್ಲಿ ಸ್ಥಿರ ಪ್ರಗತಿ ಸಾಧಿಸಿದೆ ಎಂಬುದು ನಿಜವೇ ಆದರೂ ಕೆಲವು ಸುಧಾರಿತ ಚಿಕಿತ್ಸೆಗಳು, ವಿಶೇಷವಾಗಿ ಕನಿಷ್ಠ ಆಕ್ರಮಣಕಾರಿ ವಿಧಾನದ ಶಸ್ತ್ರಚಿಕಿತ್ಸೆಗಳು ಇಂದಿಗೂ ಜಿಲ್ಲೆಯಲ್ಲಿ ಸುಲಭವಾಗಿ ಲಭ್ಯವಿಲ್ಲ. ತಲೆಗೆ ಪೆಟ್ಟು ಬಿದ್ದವರು, ನರ ಮೂಳೆಯ ಗೆಡ್ಡೆಗಳು ಮತ್ತು ಮಿದುಳಿನ ಸಂಬಂಧಿಸಿದ ಸಂಕೀರ್ಣ ಸಮಸ್ಯೆಗಳಿರುವ ಈ ಭಾಗದ ಅನೇಕ ರೋಗಿಗಳಿಗೆ ನಾನು ಚಿಕಿತ್ಸೆ ನೀಡಿದ್ದೇನೆ. ಈವರೆಗೆ ಹೆಚ್ಚಿನ ರೋಗಿಗಳು ಬೆಂಗಳೂರಿನ ಆಸ್ಪತ್ರೆಗಳಿಗೆ ಹಲವು ಕಡೆಗಳಿಗೆ ಭೇಟಿ ನೀಡಿ, ಕೊನೆಯ

MANIPAL HOSPITAL
YESHWANTHPUR
WELCOMES
DEL TES

ಹಂತದಲ್ಲಿ ನನ್ನ ಬಳಿ ಬರುತ್ತಾರೆ. ಇಂತಹ ಅನೇಕ ಸಮಸ್ಯೆಗಳನ್ನು ಆರಂಭಿಕ ಹಂತದಲ್ಲಿ ಗುರುತಿಸಿ ಸರಿಯಾದ ಕೇಂದ್ರದಲ್ಲಿ ಚಿಕಿತ್ಸೆ ನೀಡಿದರೆ ಉತ್ತಮವಾಗಿ ನಿರ್ವಹಿಸಬಹುದು. ಈ ಹೊಸ ಮತ್ತು ಅತ್ಯಾಧುನಿಕ ಶಸ್ತ್ರಚಿಕಿತ್ಸಾ ತಂತ್ರಜ್ಞಾನಗಳಿಂದಾಗಿ, ನಾವು ರೋಗಿಯ ದೇಹದ ಅಂಗಾಂಶಗಳಿಗೆ ಕನಿಷ್ಠ ಹಾನಿ ಮಾಡುತ್ತೇವೆ. ಕನಿಷ್ಠ ಆಕ್ರಮಣಶೀಲ ಮೂಲಕ ಅತ್ಯಂತ ನಿಖರವಾಗಿ ಸಂಕೀರ್ಣ ಸಮಸ್ಯೆಗಳನ್ನು ಗುಣಪಡಿಸಬಹುದು. ಇದರಿಂದ ಶಸ್ತ್ರಚಿಕಿತ್ಸೆಯ ನಂತರ ನೋವು ಕಡಿಮೆ ಇರುತ್ತದೆ, ಚೇತರಿಕೆ ವೇಗವಾಗಿರುತ್ತದೆ. ಜೊತೆಗೆ, ರೋಗಿಗಳು ಬೇಗನೆ ತಮ್ಮ ದಿನನಿತ್ಯದ ಜೀವನಕ್ಕೆ ಮರಳಬಹುದು. ಅಪಘಾತಗಳು,

ಬೆನ್ನುಮೂಳೆಯ ಸಮಸ್ಯೆಗಳು ಮತ್ತು ನಿರ್ಣಾಯಕ ಸಂದರ್ಭಗಳಲ್ಲಿ ಆರಂಭಿಕ ಹಂತದ ಚಿಕಿತ್ಸಾ ಕ್ರಮವು ಫಲಿತಾಂಶದಲ್ಲಿ ದೊಡ್ಡ ವ್ಯತ್ಯಾಸವನ್ನು ಉಂಟುಮಾಡುತ್ತದೆ. ತುಮಕೂರಿನ ಟಿಹೆಚ್‌ಎಸ್ ಸೂಪರ್ ಸ್ಪೆಷಾಲಿಟಿ ಆಸ್ಪತ್ರೆಯಲ್ಲಿ ಮಣಿಪಾಲ್ ಆಸ್ಪತ್ರೆಯ ವಿಶೇಷ ಒಪಿಡಿ ಆರಂಭ ಮಾಡಲಾಗುತ್ತಿದ್ದು ಮೆದುಳು–ಬೆನ್ನುಮೂಳೆ ಕಾಯಿಲೆಗಳ ರೋಗಿಗಳು ಚಿಕಿತ್ಸೆಯನ್ನು ಪಡೆದು ಗುಣಮುಖರಾಗಬಹುದು ಎಂದು ತಿಳಿಸಿದರು.

ಅಮೃತ ವಾಣಿಗೆ
ಚಂದಾದಾರರಾಗಿ
